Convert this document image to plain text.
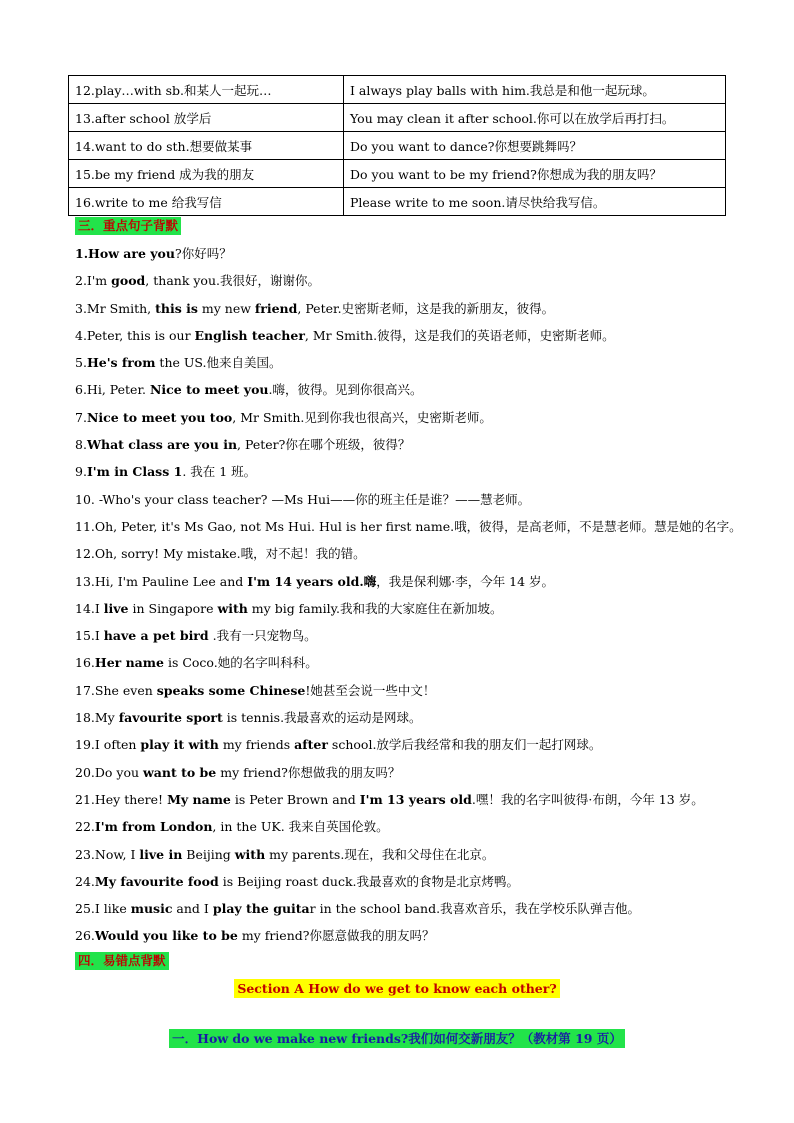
12.play…with sb.和某人一起玩…	I always play balls with him.我总是和他一起玩球。
13.after school 放学后	You may clean it after school.你可以在放学后再打扫。
14.want to do sth.想要做某事	Do you want to dance?你想要跳舞吗？
15.be my friend 成为我的朋友	Do you want to be my friend?你想成为我的朋友吗？
16.write to me 给我写信	Please write to me soon.请尽快给我写信。
三．重点句子背默
1.How are you?你好吗？
2.I'm good, thank you.我很好，谢谢你。
3.Mr Smith, this is my new friend, Peter.史密斯老师，这是我的新朋友，彼得。
4.Peter, this is our English teacher, Mr Smith.彼得，这是我们的英语老师，史密斯老师。
5.He's from the US.他来自美国。
6.Hi, Peter. Nice to meet you.嗨，彼得。见到你很高兴。
7.Nice to meet you too, Mr Smith.见到你我也很高兴，史密斯老师。
8.What class are you in, Peter?你在哪个班级，彼得？
9.I'm in Class 1. 我在 1 班。
10. -Who's your class teacher? —Ms Hui——你的班主任是谁？——慧老师。
11.Oh, Peter, it's Ms Gao, not Ms Hui. Hul is her first name.哦，彼得，是高老师，不是慧老师。慧是她的名字。
12.Oh, sorry! My mistake.哦，对不起！我的错。
13.Hi, I'm Pauline Lee and I'm 14 years old.嗨，我是保利娜·李，今年 14 岁。
14.I live in Singapore with my big family.我和我的大家庭住在新加坡。
15.I have a pet bird .我有一只宠物鸟。
16.Her name is Coco.她的名字叫科科。
17.She even speaks some Chinese!她甚至会说一些中文！
18.My favourite sport is tennis.我最喜欢的运动是网球。
19.I often play it with my friends after school.放学后我经常和我的朋友们一起打网球。
20.Do you want to be my friend?你想做我的朋友吗？
21.Hey there! My name is Peter Brown and I'm 13 years old.嘿！我的名字叫彼得·布朗，今年 13 岁。
22.I'm from London, in the UK. 我来自英国伦敦。
23.Now, I live in Beijing with my parents.现在，我和父母住在北京。
24.My favourite food is Beijing roast duck.我最喜欢的食物是北京烤鸭。
25.I like music and I play the guitar in the school band.我喜欢音乐，我在学校乐队弹吉他。
26.Would you like to be my friend?你愿意做我的朋友吗？
四．易错点背默
Section A How do we get to know each other?
一．How do we make new friends?我们如何交新朋友？（教材第 19 页）
